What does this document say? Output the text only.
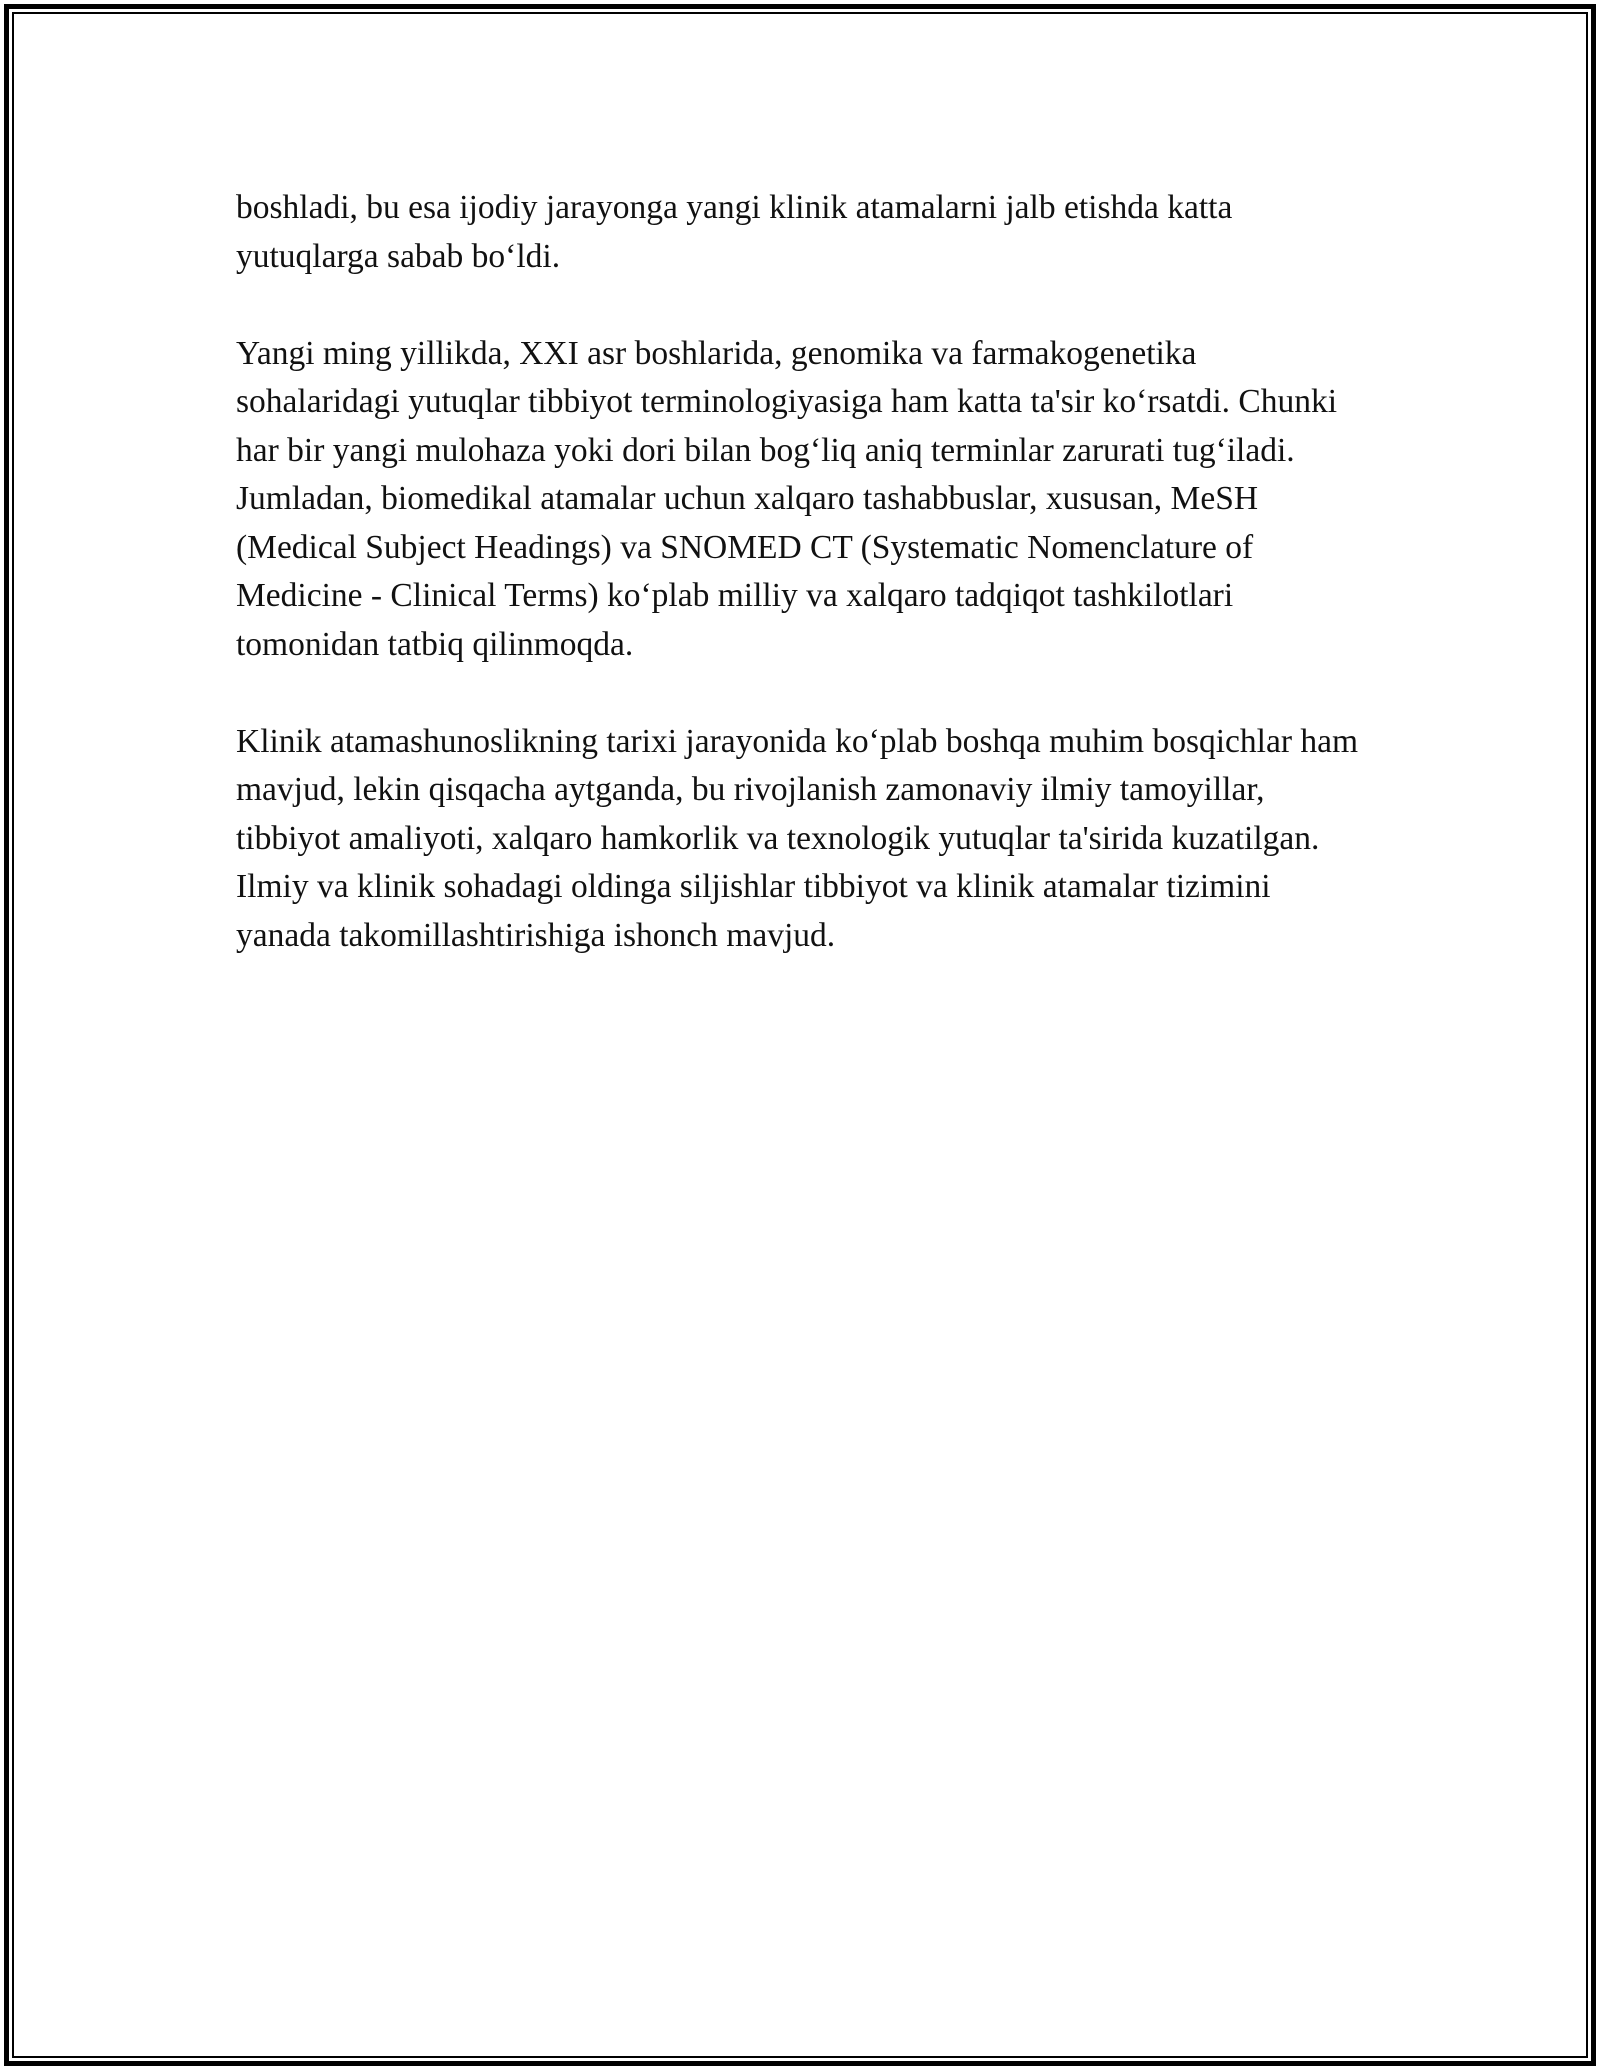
boshladi, bu esa ijodiy jarayonga yangi klinik atamalarni jalb etishda katta yutuqlarga sabab bo‘ldi.

Yangi ming yillikda, XXI asr boshlarida, genomika va farmakogenetika sohalaridagi yutuqlar tibbiyot terminologiyasiga ham katta ta'sir ko‘rsatdi. Chunki har bir yangi mulohaza yoki dori bilan bog‘liq aniq terminlar zarurati tug‘iladi. Jumladan, biomedikal atamalar uchun xalqaro tashabbuslar, xususan, MeSH (Medical Subject Headings) va SNOMED CT (Systematic Nomenclature of Medicine - Clinical Terms) ko‘plab milliy va xalqaro tadqiqot tashkilotlari tomonidan tatbiq qilinmoqda.

Klinik atamashunoslikning tarixi jarayonida ko‘plab boshqa muhim bosqichlar ham mavjud, lekin qisqacha aytganda, bu rivojlanish zamonaviy ilmiy tamoyillar, tibbiyot amaliyoti, xalqaro hamkorlik va texnologik yutuqlar ta'sirida kuzatilgan. Ilmiy va klinik sohadagi oldinga siljishlar tibbiyot va klinik atamalar tizimini yanada takomillashtirishiga ishonch mavjud.
